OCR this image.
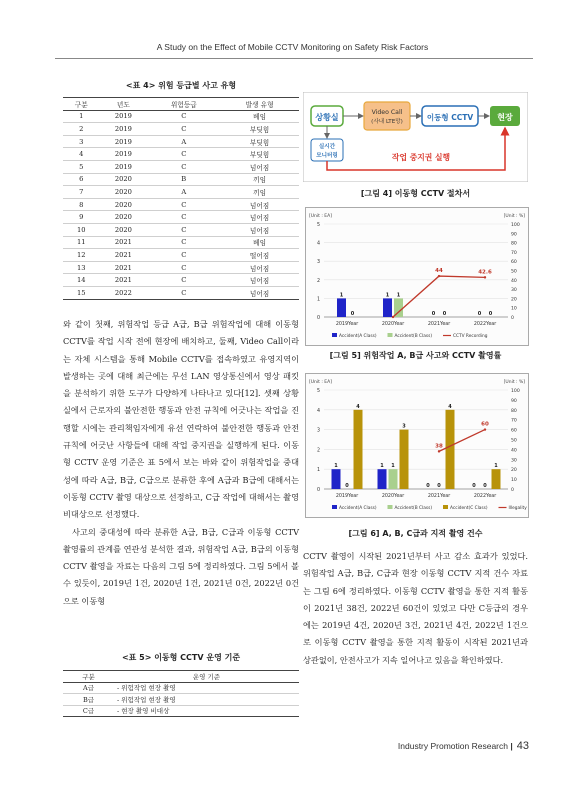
A Study on the Effect of Mobile CCTV Monitoring on Safety Risk Factors
<표 4> 위험 등급별 사고 유형
구분	년도	위험등급	발생 유형
1	2019	C	베임
2	2019	C	부딪힘
3	2019	A	부딪힘
4	2019	C	부딪힘
5	2019	C	넘어짐
6	2020	B	끼임
7	2020	A	끼임
8	2020	C	넘어짐
9	2020	C	넘어짐
10	2020	C	넘어짐
11	2021	C	베임
12	2021	C	떨어짐
13	2021	C	넘어짐
14	2021	C	넘어짐
15	2022	C	넘어짐

와 같이 첫째, 위험작업 등급 A급, B급 위험작업에 대해 이동형 CCTV를 작업 시작 전에 현장에 배치하고, 둘째, Video Call이라는 자체 시스템을 통해 Mobile CCTV를 접속하였고 유영지역이 발생하는 곳에 대해 최근에는 무선 LAN 영상통신에서 영상 패킷을 분석하기 위한 도구가 다양하게 나타나고 있다[12]. 셋째 상황실에서 근로자의 불안전한 행동과 안전 규칙에 어긋나는 작업을 진행할 시에는 관리책임자에게 유선 연락하여 불안전한 행동과 안전 규칙에 어긋난 사항들에 대해 작업 중지권을 실행하게 된다. 이동형 CCTV 운영 기준은 표 5에서 보는 바와 같이 위험작업을 중대성에 따라 A급, B급, C급으로 분류한 후에 A급과 B급에 대해서는 이동형 CCTV 촬영 대상으로 선정하고, C급 작업에 대해서는 촬영 비대상으로 선정했다.

사고의 중대성에 따라 분류한 A급, B급, C급과 이동형 CCTV 촬영률의 관계를 연관성 분석한 결과, 위험작업 A급, B급의 이동형 CCTV 촬영을 자료는 다음의 그림 5에 정리하였다. 그림 5에서 볼 수 있듯이, 2019년 1건, 2020년 1건, 2021년 0건, 2022년 0건으로 이동형

<표 5> 이동형 CCTV 운영 기준
구분	운영 기준
A급	- 위험작업 현장 촬영
B급	- 위험작업 현장 촬영
C급	- 현장 촬영 비대상
상황실
Video Call
(사내 LTE망)	이동형 CCTV	현장
실시간
모니터링	작업 중지권 실행
[그림 4] 이동형 CCTV 절차서
[Unit : EA]	[Unit : %]
0
1
2
3
4
5
0
10
20
30
40
50
60
70
80
90
100
1
0
2019Year
1 1
2020Year
0 0
2021Year
0 0
2022Year
44	42.6
Accident(A Class)	Accident(B Class)	CCTV Recording
[그림 5] 위험작업 A, B급 사고와 CCTV 촬영률
[Unit : EA]	[Unit : %]
0
1
2
3
4
5
0
10
20
30
40
50
60
70
80
90
100
1
0
4
2019Year
1 1
3
2020Year
0 0
4
2021Year
0 0
1
2022Year
38
60
Accident(A Class)	Accident(B Class)	Accident(C Class)	Illegality
[그림 6] A, B, C급과 지적 촬영 건수

CCTV 촬영이 시작된 2021년부터 사고 감소 효과가 있었다. 위험작업 A급, B급, C급과 현장 이동형 CCTV 지적 건수 자료는 그림 6에 정리하였다. 이동형 CCTV 촬영을 통한 지적 활동이 2021년 38건, 2022년 60건이 있었고 다만 C등급의 경우에는 2019년 4건, 2020년 3건, 2021년 4건, 2022년 1건으로 이동형 CCTV 촬영을 통한 지적 활동이 시작된 2021년과 상관없이, 안전사고가 지속 일어나고 있음을 확인하였다.

Industry Promotion Research | 43
